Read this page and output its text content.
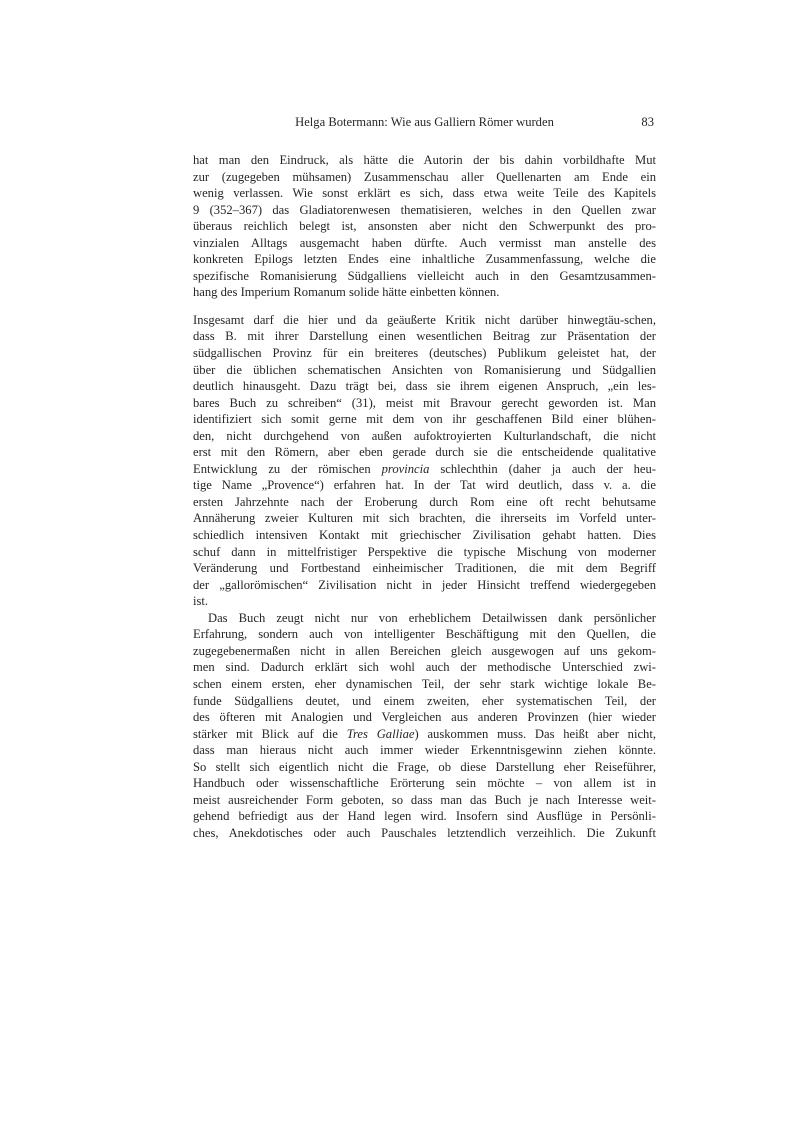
Helga Botermann: Wie aus Galliern Römer wurden	83
hat man den Eindruck, als hätte die Autorin der bis dahin vorbildhafte Mut
zur (zugegeben mühsamen) Zusammenschau aller Quellenarten am Ende ein
wenig verlassen. Wie sonst erklärt es sich, dass etwa weite Teile des Kapitels
9 (352–367) das Gladiatorenwesen thematisieren, welches in den Quellen zwar
überaus reichlich belegt ist, ansonsten aber nicht den Schwerpunkt des pro-
vinzialen Alltags ausgemacht haben dürfte. Auch vermisst man anstelle des
konkreten Epilogs letzten Endes eine inhaltliche Zusammenfassung, welche die
spezifische Romanisierung Südgalliens vielleicht auch in den Gesamtzusammen-
hang des Imperium Romanum solide hätte einbetten können.
Insgesamt darf die hier und da geäußerte Kritik nicht darüber hinwegtäu-schen,
dass B. mit ihrer Darstellung einen wesentlichen Beitrag zur Präsentation der
südgallischen Provinz für ein breiteres (deutsches) Publikum geleistet hat, der
über die üblichen schematischen Ansichten von Romanisierung und Südgallien
deutlich hinausgeht. Dazu trägt bei, dass sie ihrem eigenen Anspruch, „ein les-
bares Buch zu schreiben“ (31), meist mit Bravour gerecht geworden ist. Man
identifiziert sich somit gerne mit dem von ihr geschaffenen Bild einer blühen-
den, nicht durchgehend von außen aufoktroyierten Kulturlandschaft, die nicht
erst mit den Römern, aber eben gerade durch sie die entscheidende qualitative
Entwicklung zu der römischen provincia schlechthin (daher ja auch der heu-
tige Name „Provence“) erfahren hat. In der Tat wird deutlich, dass v. a. die
ersten Jahrzehnte nach der Eroberung durch Rom eine oft recht behutsame
Annäherung zweier Kulturen mit sich brachten, die ihrerseits im Vorfeld unter-
schiedlich intensiven Kontakt mit griechischer Zivilisation gehabt hatten. Dies
schuf dann in mittelfristiger Perspektive die typische Mischung von moderner
Veränderung und Fortbestand einheimischer Traditionen, die mit dem Begriff
der „gallorömischen“ Zivilisation nicht in jeder Hinsicht treffend wiedergegeben
ist.
Das Buch zeugt nicht nur von erheblichem Detailwissen dank persönlicher
Erfahrung, sondern auch von intelligenter Beschäftigung mit den Quellen, die
zugegebenermaßen nicht in allen Bereichen gleich ausgewogen auf uns gekom-
men sind. Dadurch erklärt sich wohl auch der methodische Unterschied zwi-
schen einem ersten, eher dynamischen Teil, der sehr stark wichtige lokale Be-
funde Südgalliens deutet, und einem zweiten, eher systematischen Teil, der
des öfteren mit Analogien und Vergleichen aus anderen Provinzen (hier wieder
stärker mit Blick auf die Tres Galliae) auskommen muss. Das heißt aber nicht,
dass man hieraus nicht auch immer wieder Erkenntnisgewinn ziehen könnte.
So stellt sich eigentlich nicht die Frage, ob diese Darstellung eher Reiseführer,
Handbuch oder wissenschaftliche Erörterung sein möchte – von allem ist in
meist ausreichender Form geboten, so dass man das Buch je nach Interesse weit-
gehend befriedigt aus der Hand legen wird. Insofern sind Ausflüge in Persönli-
ches, Anekdotisches oder auch Pauschales letztendlich verzeihlich. Die Zukunft
